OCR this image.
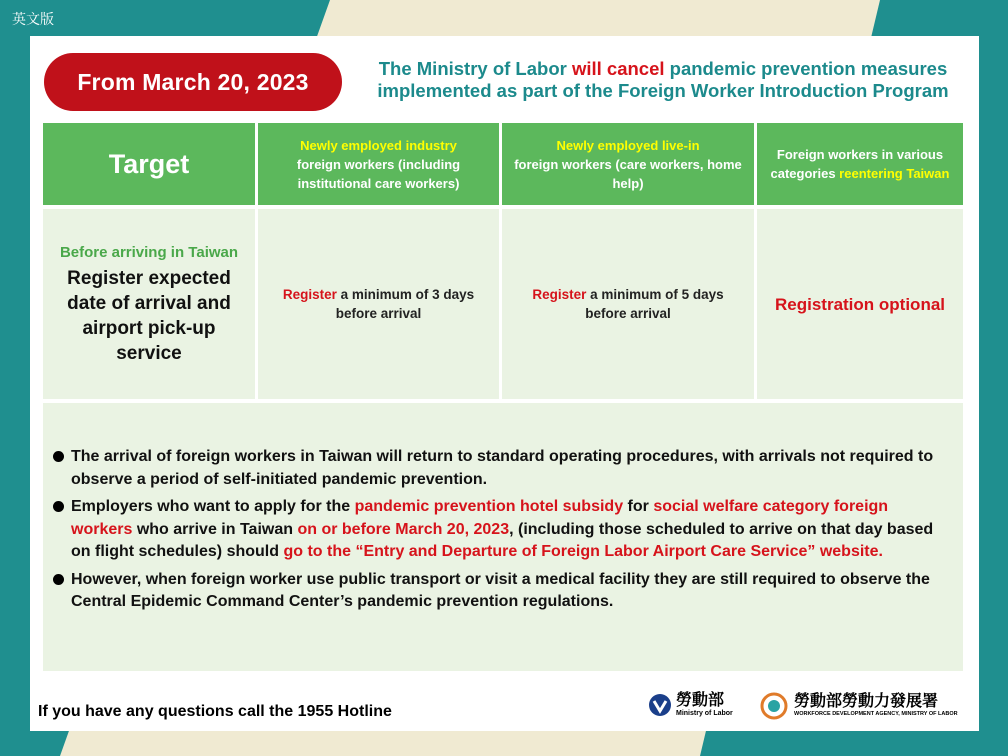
英文版
From March 20, 2023	The Ministry of Labor will cancel pandemic prevention measures implemented as part of the Foreign Worker Introduction Program
Target
Newly employed industry
foreign workers (including institutional care workers)
Newly employed live-in
foreign workers (care workers, home help)
Foreign workers in various categories reentering Taiwan
Before arriving in Taiwan
Register expected date of arrival and airport pick-up service
Register a minimum of 3 days before arrival
Register a minimum of 5 days before arrival	Registration optional
The arrival of foreign workers in Taiwan will return to standard operating procedures, with arrivals not required to observe a period of self-initiated pandemic prevention.
Employers who want to apply for the pandemic prevention hotel subsidy for social welfare category foreign workers who arrive in Taiwan on or before March 20, 2023, (including those scheduled to arrive on that day based on flight schedules) should go to the “Entry and Departure of Foreign Labor Airport Care Service” website.
However, when foreign worker use public transport or visit a medical facility they are still required to observe the Central Epidemic Command Center’s pandemic prevention regulations.
If you have any questions call the 1955 Hotline
勞動部
Ministry of Labor
勞動部勞動力發展署
WORKFORCE DEVELOPMENT AGENCY, MINISTRY OF LABOR
